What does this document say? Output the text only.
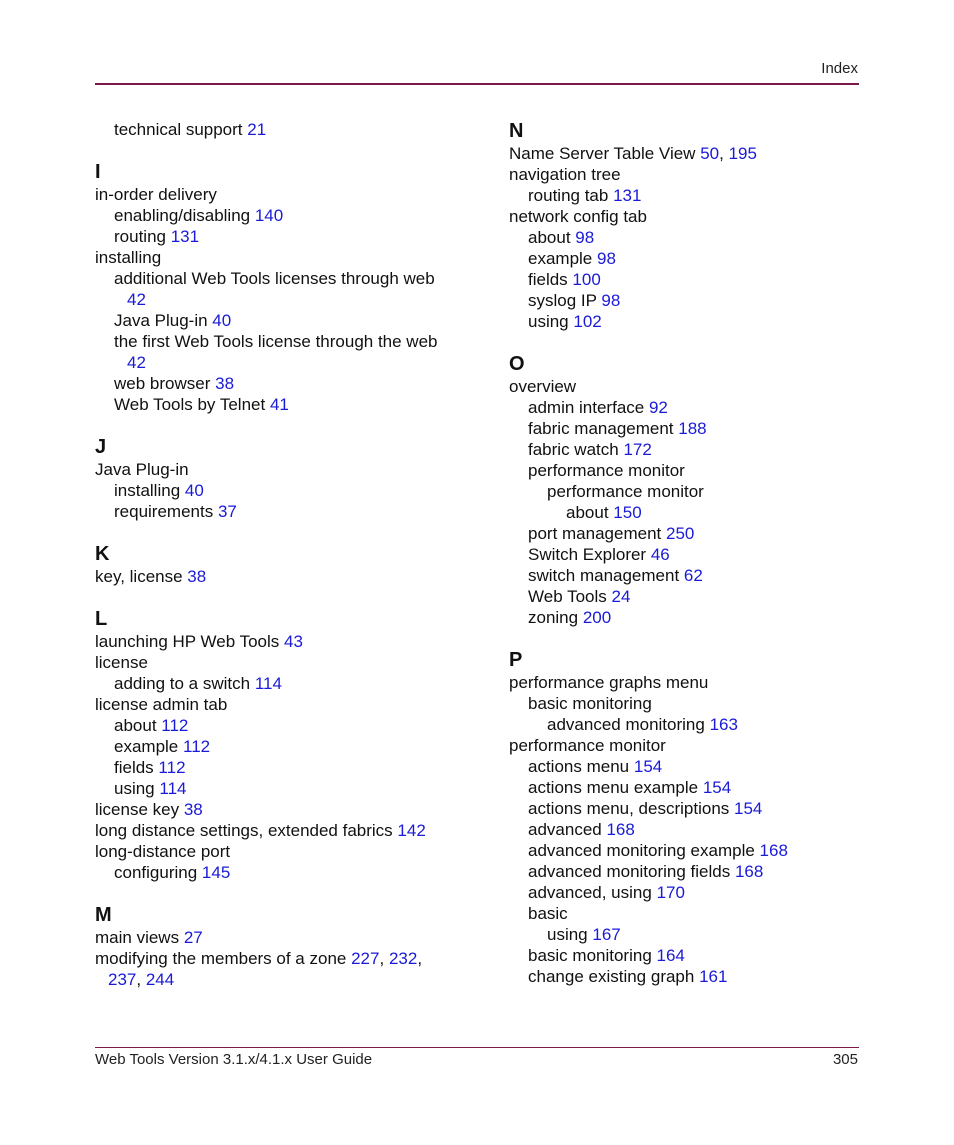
Index
technical support 21
I
in-order delivery
enabling/disabling 140
routing 131
installing
additional Web Tools licenses through web
42
Java Plug-in 40
the first Web Tools license through the web
42
web browser 38
Web Tools by Telnet 41
J
Java Plug-in
installing 40
requirements 37
K
key, license 38
L
launching HP Web Tools 43
license
adding to a switch 114
license admin tab
about 112
example 112
fields 112
using 114
license key 38
long distance settings, extended fabrics 142
long-distance port
configuring 145
M
main views 27
modifying the members of a zone 227, 232,
237, 244
N
Name Server Table View 50, 195
navigation tree
routing tab 131
network config tab
about 98
example 98
fields 100
syslog IP 98
using 102
O
overview
admin interface 92
fabric management 188
fabric watch 172
performance monitor
performance monitor
about 150
port management 250
Switch Explorer 46
switch management 62
Web Tools 24
zoning 200
P
performance graphs menu
basic monitoring
advanced monitoring 163
performance monitor
actions menu 154
actions menu example 154
actions menu, descriptions 154
advanced 168
advanced monitoring example 168
advanced monitoring fields 168
advanced, using 170
basic
using 167
basic monitoring 164
change existing graph 161
Web Tools Version 3.1.x/4.1.x User Guide	305
